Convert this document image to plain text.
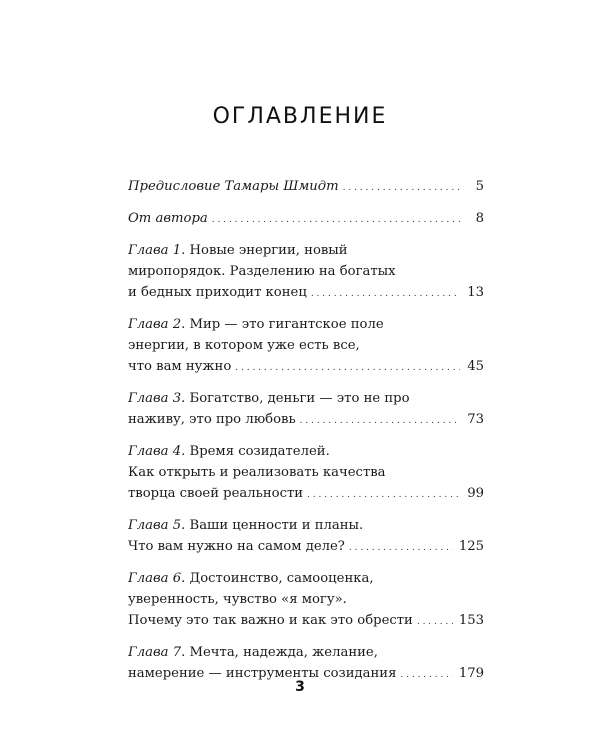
ОГЛАВЛЕНИЕ
Предисловие Тамары Шмидт . . .	5
От автора . . .	8
Глава 1. Новые энергии, новый
миропорядок. Разделению на богатых
и бедных приходит конец . . .	13
Глава 2. Мир — это гигантское поле
энергии, в котором уже есть все,
что вам нужно . . .	45
Глава 3. Богатство, деньги — это не про
наживу, это про любовь . . .	73
Глава 4. Время созидателей.
Как открыть и реализовать качества
творца своей реальности . . .	99
Глава 5. Ваши ценности и планы.
Что вам нужно на самом деле? . . .	125
Глава 6. Достоинство, самооценка,
уверенность, чувство «я могу».
Почему это так важно и как это обрести . . .	153
Глава 7. Мечта, надежда, желание,
намерение — инструменты созидания . . .	179
3
